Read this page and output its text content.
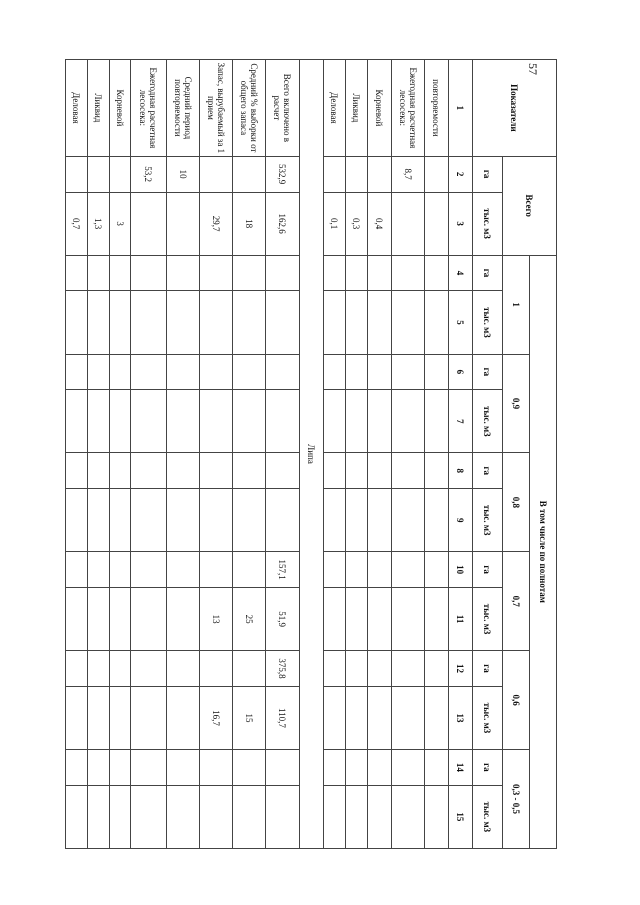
57
Показатели	Всего		В том числе по полнотам											
			1		0,9		0,8		0,7		0,6		0,3 - 0,5	
	га	тыс. м3	га	тыс. м3	га	тыс. м3	га	тыс. м3	га	тыс. м3	га	тыс. м3	га	тыс. м3
1	2	3	4	5	6	7	8	9	10	11	12	13	14	15
повторяемости														
Ежегодная расчетная лесосека:	8,7													
Корневой		0,4												
Ликвид		0,3												
Деловая		0,1												
Липа														
Всего включено в расчет	532,9	162,6							157,1	51,9	375,8	110,7		
Средний % выборки от общего запаса		18								25		15		
Запас, вырубаемый за 1 прием		29,7								13		16,7		
Средний период повторяемости	10													
Ежегодная расчетная лесосека:	53,2													
Корневой		3												
Ликвид		1,3												
Деловая		0,7												
